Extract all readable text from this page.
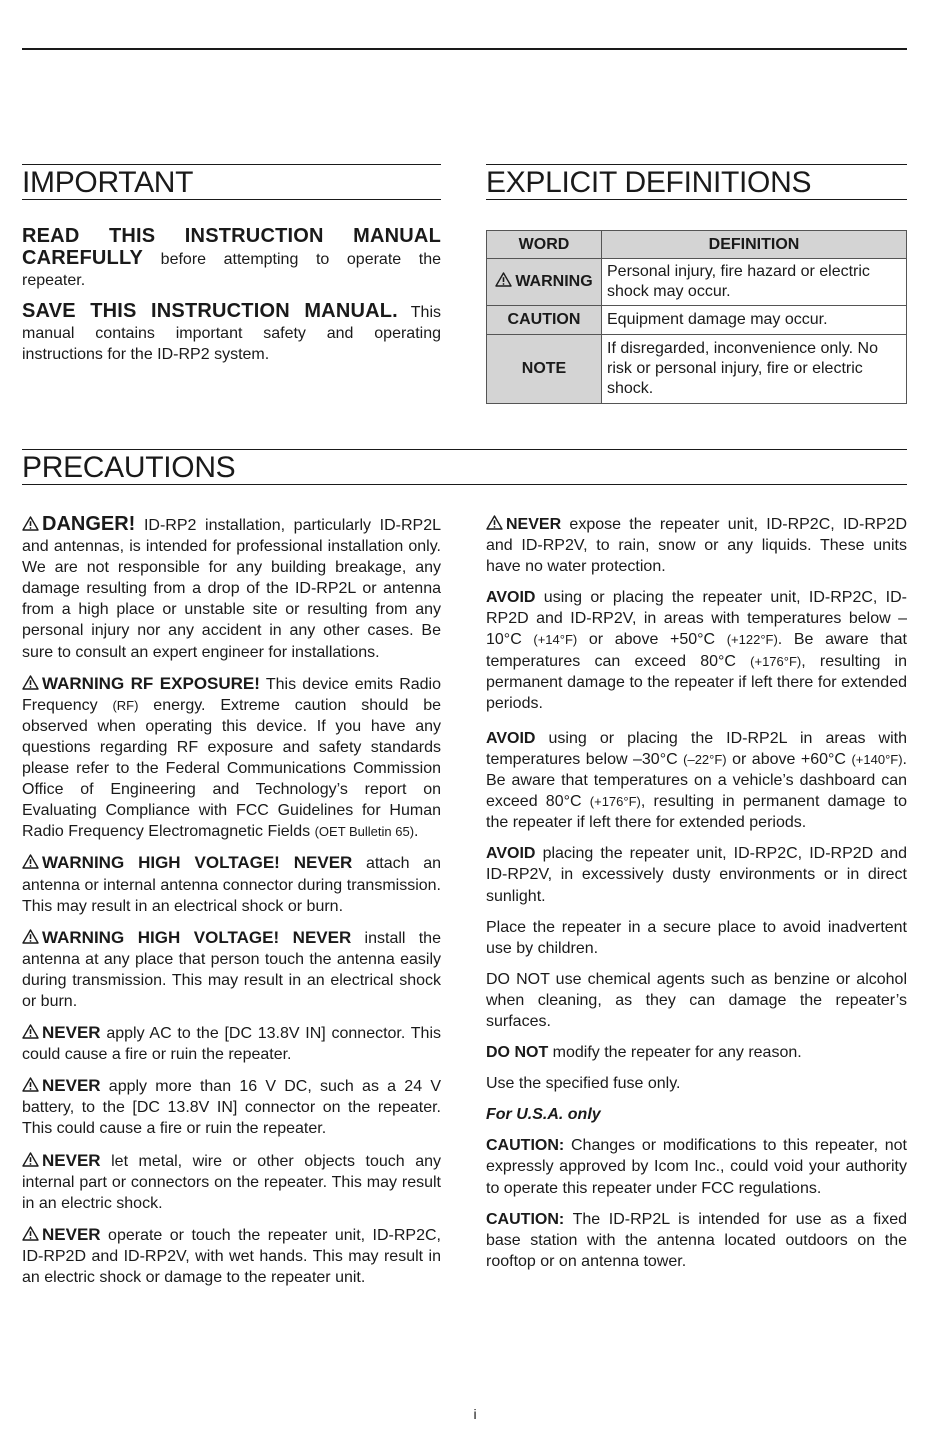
IMPORTANT

READ THIS INSTRUCTION MANUAL CAREFULLY before attempting to operate the repeater.

SAVE THIS INSTRUCTION MANUAL. This manual contains important safety and operating instructions for the ID-RP2 system.

EXPLICIT DEFINITIONS
WORD	DEFINITION

WARNING	Personal injury, fire hazard or electric shock may occur.
CAUTION	Equipment damage may occur.
NOTE	If disregarded, inconvenience only. No risk or personal injury, fire or electric shock.
PRECAUTIONS

DANGER! ID-RP2 installation, particularly ID-RP2L and antennas, is intended for professional installation only. We are not responsible for any building breakage, any damage resulting from a drop of the ID-RP2L or antenna from a high place or unstable site or resulting from any personal injury nor any accident in any other cases. Be sure to consult an expert engineer for installations.

WARNING RF EXPOSURE! This device emits Radio Frequency (RF) energy. Extreme caution should be observed when operating this device. If you have any questions regarding RF exposure and safety standards please refer to the Federal Communications Commission Office of Engineering and Technology’s report on Evaluating Compliance with FCC Guidelines for Human Radio Frequency Electromagnetic Fields (OET Bulletin 65).

WARNING HIGH VOLTAGE! NEVER attach an antenna or internal antenna connector during transmission. This may result in an electrical shock or burn.

WARNING HIGH VOLTAGE! NEVER install the antenna at any place that person touch the antenna easily during transmission. This may result in an electrical shock or burn.

NEVER apply AC to the [DC 13.8V IN] connector. This could cause a fire or ruin the repeater.

NEVER apply more than 16 V DC, such as a 24 V battery, to the [DC 13.8V IN] connector on the repeater. This could cause a fire or ruin the repeater.

NEVER let metal, wire or other objects touch any internal part or connectors on the repeater. This may result in an electric shock.

NEVER operate or touch the repeater unit, ID-RP2C, ID-RP2D and ID-RP2V, with wet hands. This may result in an electric shock or damage to the repeater unit.

NEVER expose the repeater unit, ID-RP2C, ID-RP2D and ID-RP2V, to rain, snow or any liquids. These units have no water protection.

AVOID using or placing the repeater unit, ID-RP2C, ID-RP2D and ID-RP2V, in areas with temperatures below –10°C (+14°F) or above +50°C (+122°F). Be aware that temperatures can exceed 80°C (+176°F), resulting in permanent damage to the repeater if left there for extended periods.

AVOID using or placing the ID-RP2L in areas with temperatures below –30°C (–22°F) or above +60°C (+140°F). Be aware that temperatures on a vehicle’s dashboard can exceed 80°C (+176°F), resulting in permanent damage to the repeater if left there for extended periods.

AVOID placing the repeater unit, ID-RP2C, ID-RP2D and ID-RP2V, in excessively dusty environments or in direct sunlight.

Place the repeater in a secure place to avoid inadvertent use by children.

DO NOT use chemical agents such as benzine or alcohol when cleaning, as they can damage the repeater’s surfaces.

DO NOT modify the repeater for any reason.

Use the specified fuse only.

For U.S.A. only

CAUTION: Changes or modifications to this repeater, not expressly approved by Icom Inc., could void your authority to operate this repeater under FCC regulations.

CAUTION: The ID-RP2L is intended for use as a fixed base station with the antenna located outdoors on the rooftop or on antenna tower.

i
